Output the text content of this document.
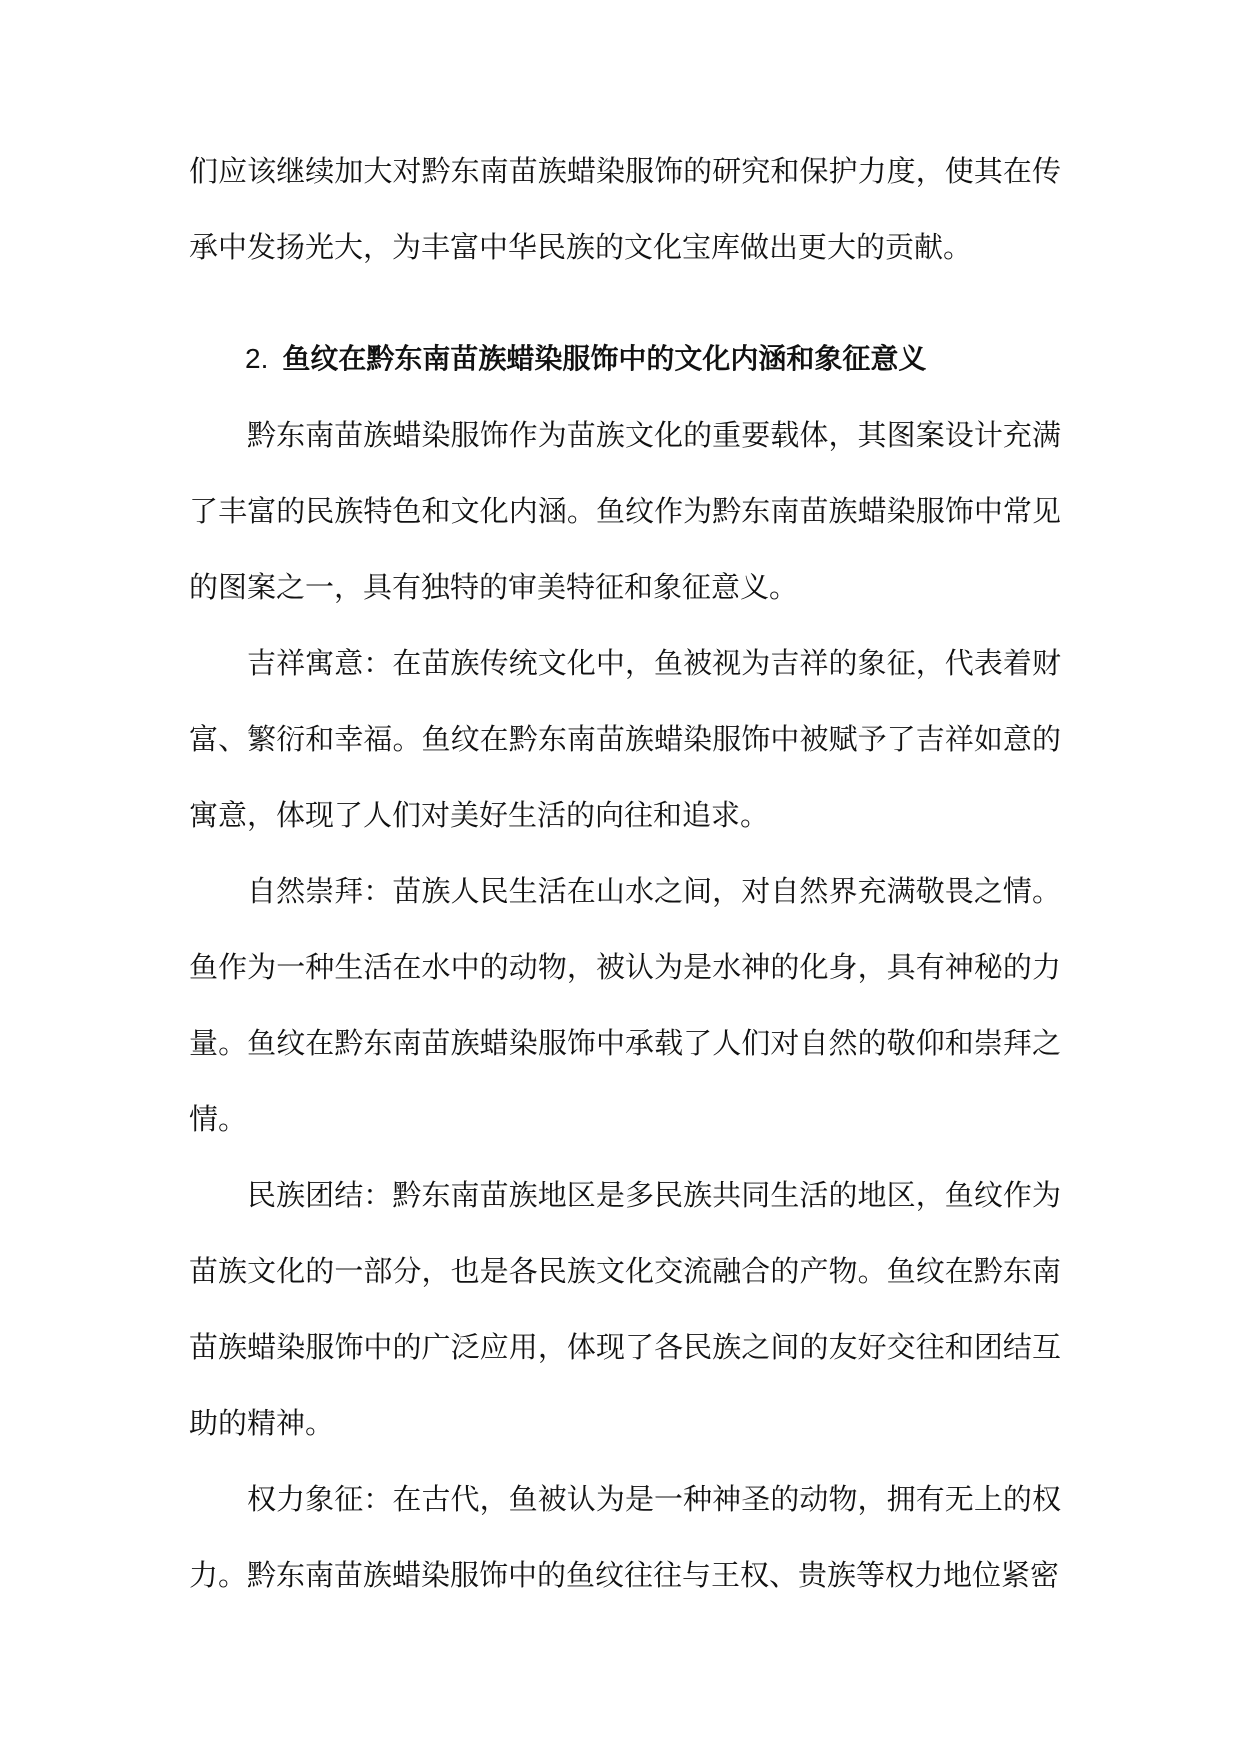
们应该继续加大对黔东南苗族蜡染服饰的研究和保护力度，使其在传承中发扬光大，为丰富中华民族的文化宝库做出更大的贡献。

2. 鱼纹在黔东南苗族蜡染服饰中的文化内涵和象征意义

黔东南苗族蜡染服饰作为苗族文化的重要载体，其图案设计充满了丰富的民族特色和文化内涵。鱼纹作为黔东南苗族蜡染服饰中常见的图案之一，具有独特的审美特征和象征意义。

吉祥寓意：在苗族传统文化中，鱼被视为吉祥的象征，代表着财富、繁衍和幸福。鱼纹在黔东南苗族蜡染服饰中被赋予了吉祥如意的寓意，体现了人们对美好生活的向往和追求。

自然崇拜：苗族人民生活在山水之间，对自然界充满敬畏之情。鱼作为一种生活在水中的动物，被认为是水神的化身，具有神秘的力量。鱼纹在黔东南苗族蜡染服饰中承载了人们对自然的敬仰和崇拜之情。

民族团结：黔东南苗族地区是多民族共同生活的地区，鱼纹作为苗族文化的一部分，也是各民族文化交流融合的产物。鱼纹在黔东南苗族蜡染服饰中的广泛应用，体现了各民族之间的友好交往和团结互助的精神。

权力象征：在古代，鱼被认为是一种神圣的动物，拥有无上的权力。黔东南苗族蜡染服饰中的鱼纹往往与王权、贵族等权力地位紧密
